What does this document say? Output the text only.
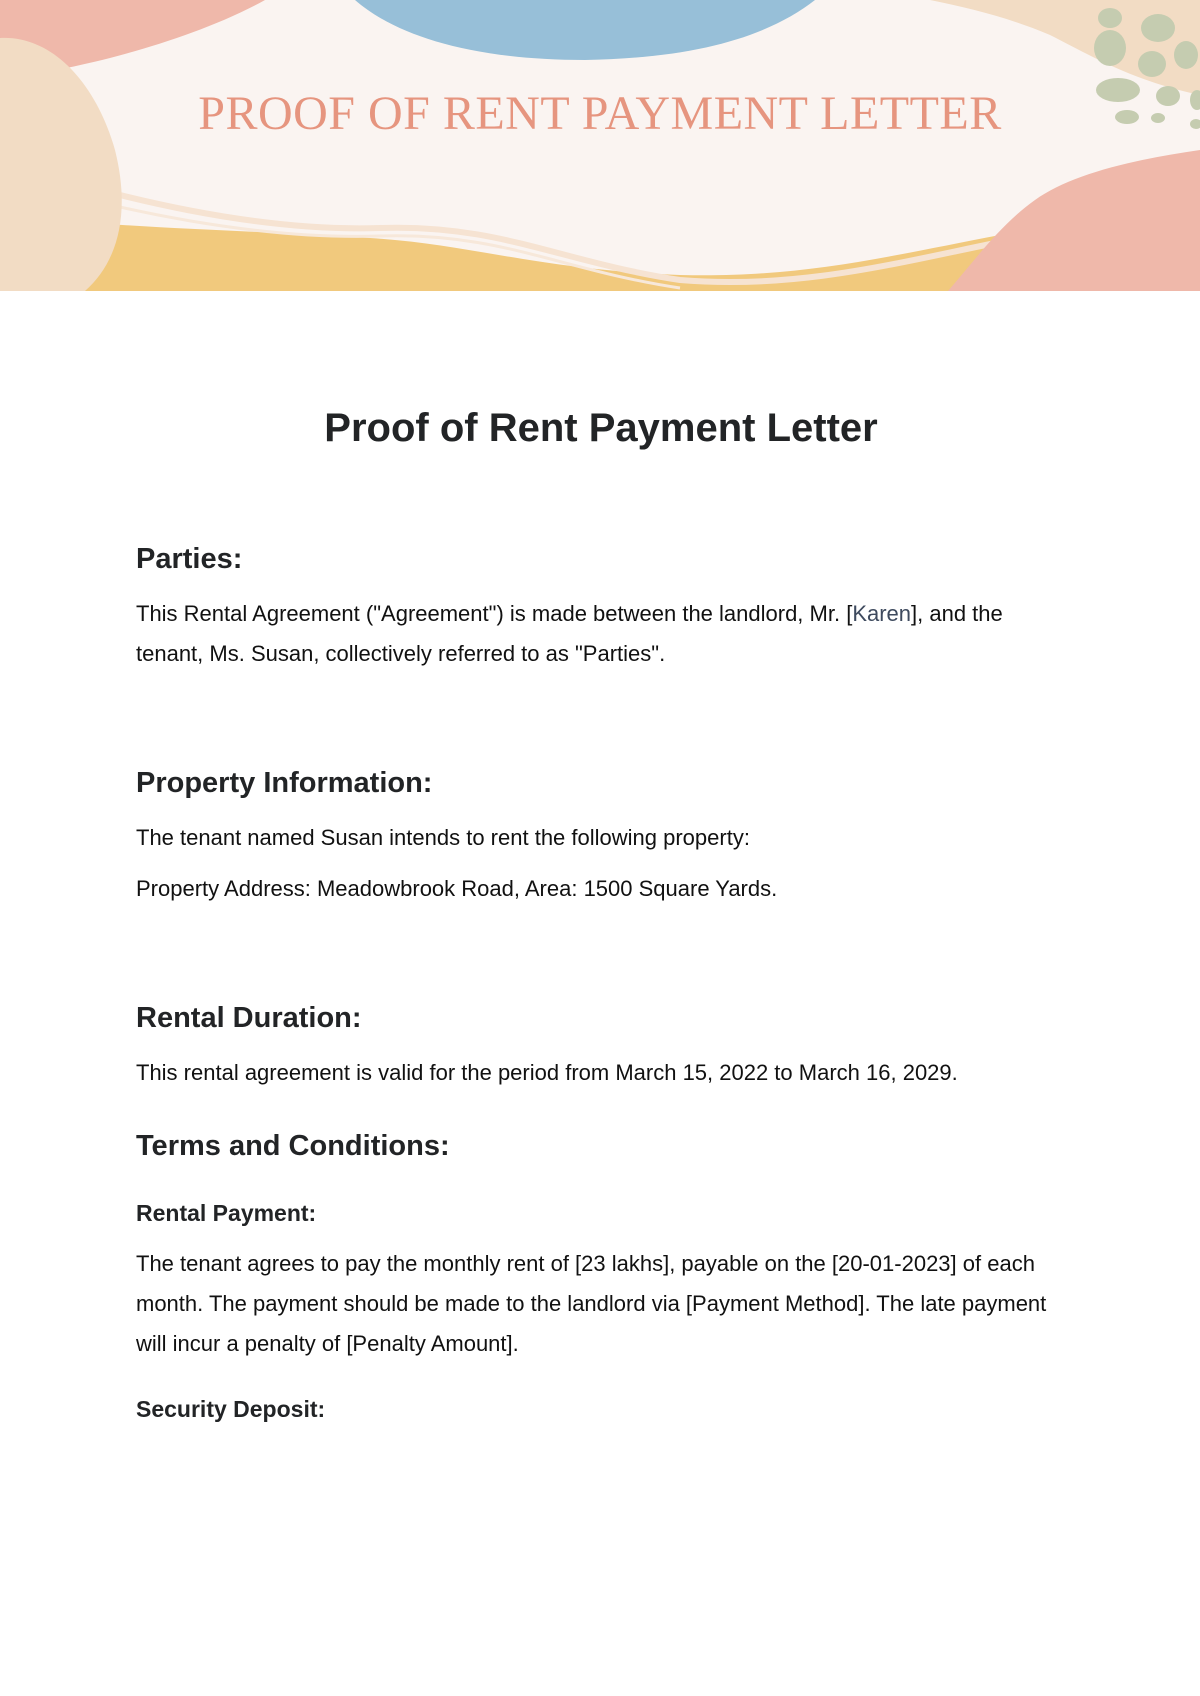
PROOF OF RENT PAYMENT LETTER
Proof of Rent Payment Letter
Parties:

This Rental Agreement ("Agreement") is made between the landlord, Mr. [Karen], and the tenant, Ms. Susan, collectively referred to as "Parties".

Property Information:

The tenant named Susan intends to rent the following property:

Property Address: Meadowbrook Road, Area: 1500 Square Yards.

Rental Duration:

This rental agreement is valid for the period from March 15, 2022 to March 16, 2029.

Terms and Conditions:
Rental Payment:

The tenant agrees to pay the monthly rent of [23 lakhs], payable on the [20-01-2023] of each month. The payment should be made to the landlord via [Payment Method]. The late payment will incur a penalty of [Penalty Amount].

Security Deposit:
